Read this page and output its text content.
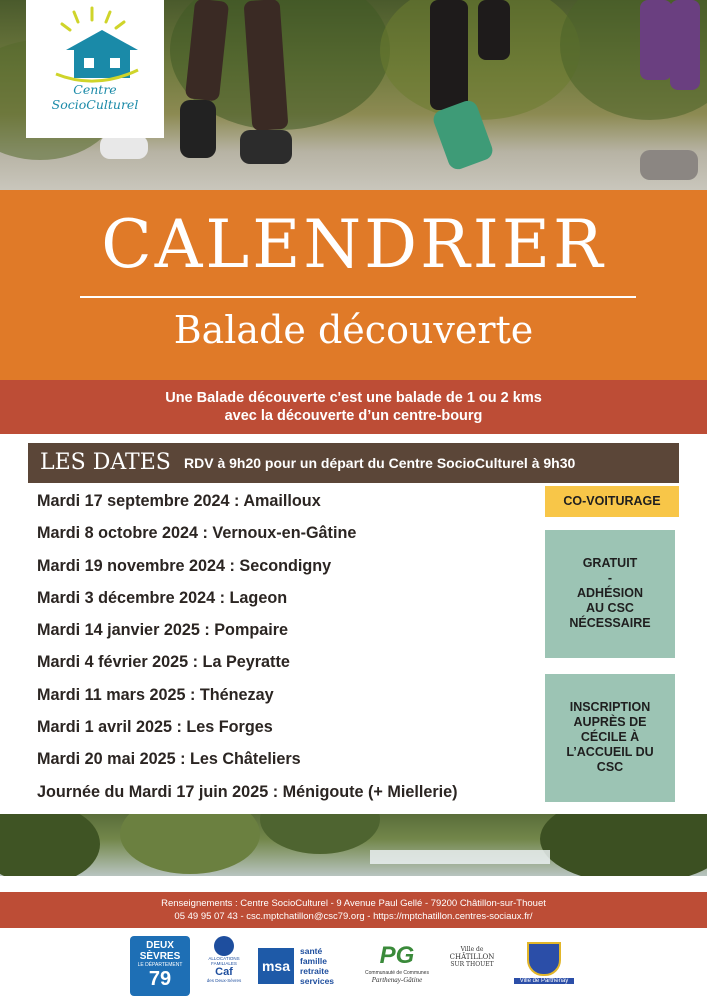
Centre SocioCulturel
CALENDRIER
Balade découverte
Une Balade découverte c'est une balade de 1 ou 2 kms
avec la découverte d’un centre-bourg
LES DATES RDV à 9h20 pour un départ du Centre SocioCulturel à 9h30
Mardi 17 septembre 2024 : Amailloux
Mardi 8 octobre 2024 : Vernoux-en-Gâtine
Mardi 19 novembre 2024 : Secondigny
Mardi 3 décembre 2024 : Lageon
Mardi 14 janvier 2025 : Pompaire
Mardi 4 février 2025 : La Peyratte
Mardi 11 mars 2025 : Thénezay
Mardi 1 avril 2025 : Les Forges
Mardi 20 mai 2025 : Les Châteliers
Journée du Mardi 17 juin 2025 : Ménigoute (+ Miellerie)
CO-VOITURAGE
GRATUIT
-
ADHÉSION
AU CSC
NÉCESSAIRE
INSCRIPTION
AUPRÈS DE
CÉCILE À
L’ACCUEIL DU
CSC
Renseignements : Centre SocioCulturel - 9 Avenue Paul Gellé - 79200 Châtillon-sur-Thouet
05 49 95 07 43 - csc.mptchatillon@csc79.org - https://mptchatillon.centres-sociaux.fr/
DEUX
SÈVRES
LE DÉPARTEMENT
79
ALLOCATIONS
FAMILIALES
Caf
des Deux-Sèvres
msa
santé
famille
retraite
services
PG
Communauté de Communes
Parthenay-Gâtine
Ville de
CHÂTILLON
SUR THOUET
Ville de Parthenay
